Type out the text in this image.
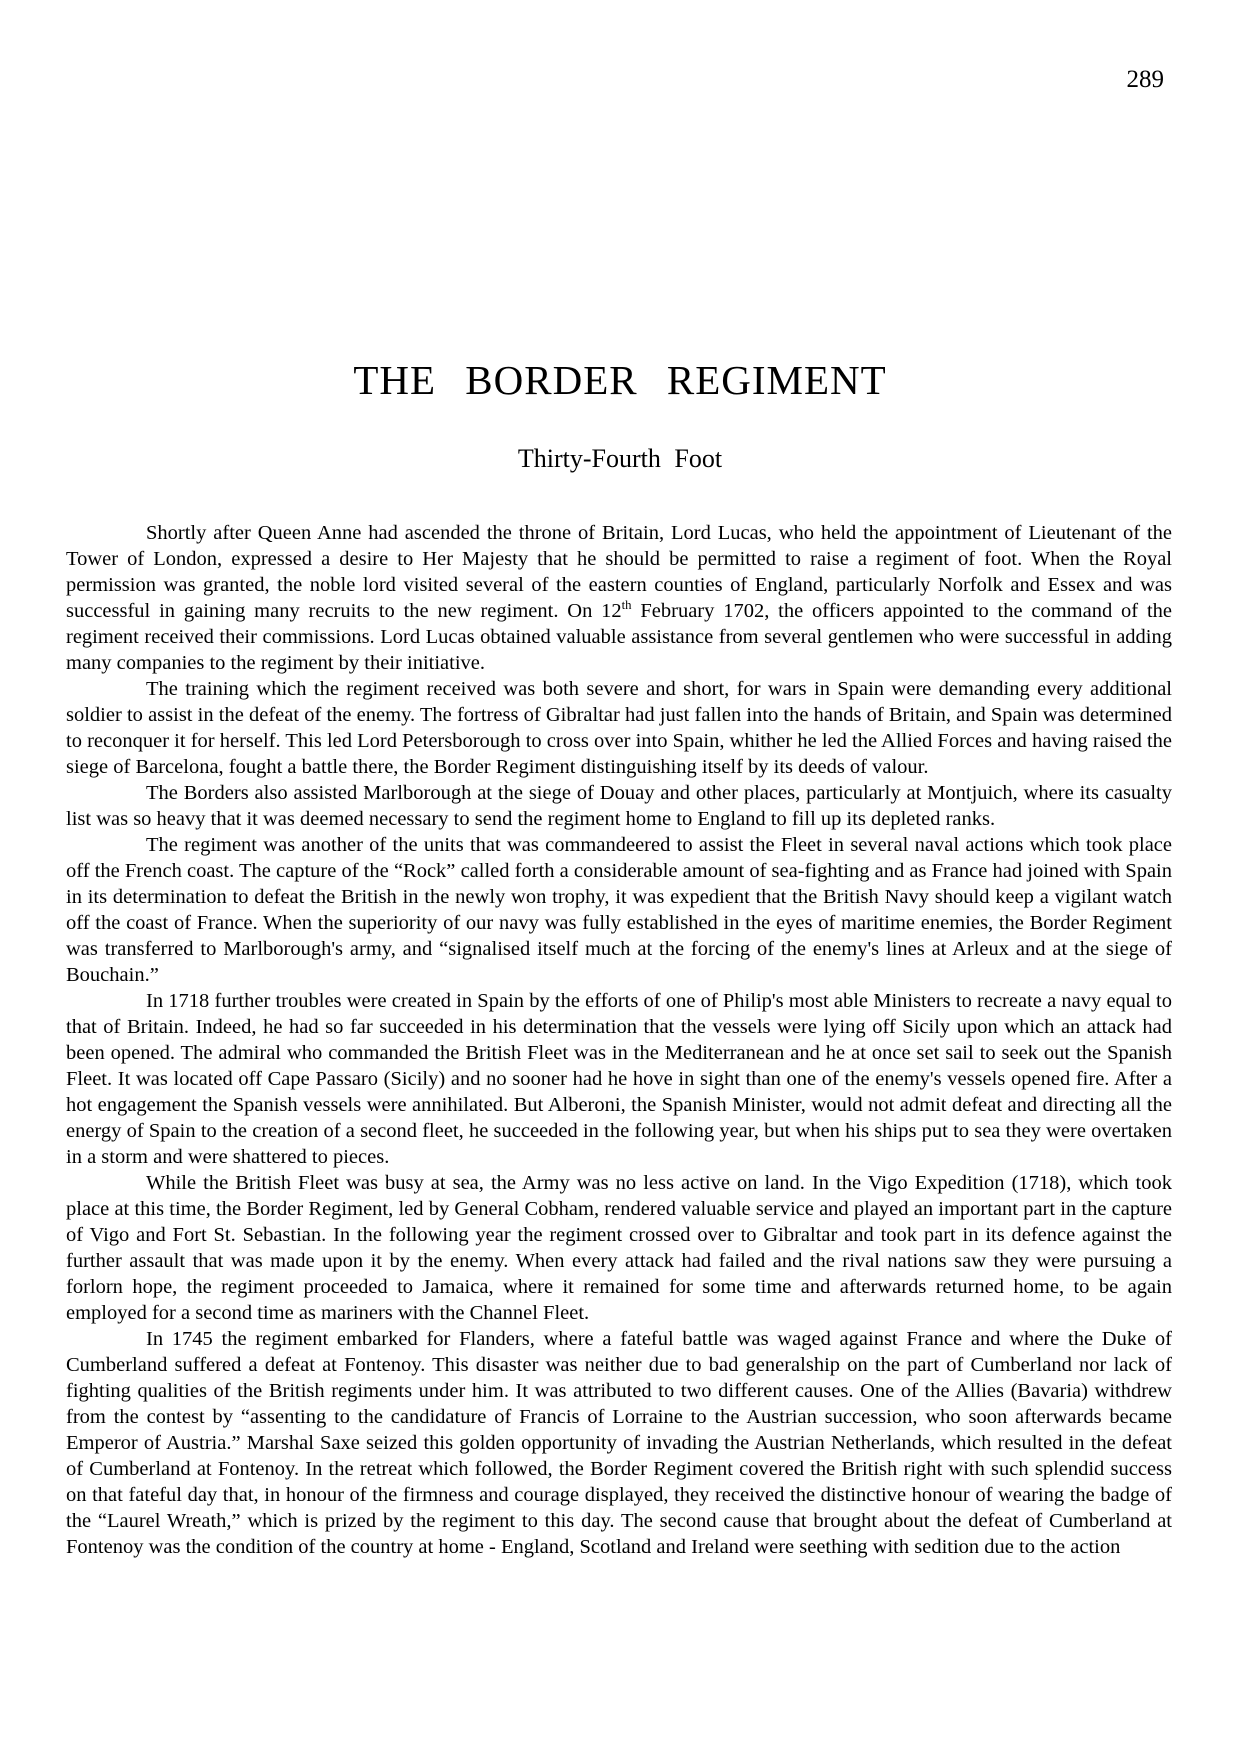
289
THE BORDER REGIMENT
Thirty-Fourth Foot

Shortly after Queen Anne had ascended the throne of Britain, Lord Lucas, who held the appointment of Lieutenant of the Tower of London, expressed a desire to Her Majesty that he should be permitted to raise a regiment of foot. When the Royal permission was granted, the noble lord visited several of the eastern counties of England, particularly Norfolk and Essex and was successful in gaining many recruits to the new regiment. On 12th February 1702, the officers appointed to the command of the regiment received their commissions. Lord Lucas obtained valuable assistance from several gentlemen who were successful in adding many companies to the regiment by their initiative.

The training which the regiment received was both severe and short, for wars in Spain were demanding every additional soldier to assist in the defeat of the enemy. The fortress of Gibraltar had just fallen into the hands of Britain, and Spain was determined to reconquer it for herself. This led Lord Petersborough to cross over into Spain, whither he led the Allied Forces and having raised the siege of Barcelona, fought a battle there, the Border Regiment distinguishing itself by its deeds of valour.

The Borders also assisted Marlborough at the siege of Douay and other places, particularly at Montjuich, where its casualty list was so heavy that it was deemed necessary to send the regiment home to England to fill up its depleted ranks.

The regiment was another of the units that was commandeered to assist the Fleet in several naval actions which took place off the French coast. The capture of the “Rock” called forth a considerable amount of sea-fighting and as France had joined with Spain in its determination to defeat the British in the newly won trophy, it was expedient that the British Navy should keep a vigilant watch off the coast of France. When the superiority of our navy was fully established in the eyes of maritime enemies, the Border Regiment was transferred to Marlborough's army, and “signalised itself much at the forcing of the enemy's lines at Arleux and at the siege of Bouchain.”

In 1718 further troubles were created in Spain by the efforts of one of Philip's most able Ministers to recreate a navy equal to that of Britain. Indeed, he had so far succeeded in his determination that the vessels were lying off Sicily upon which an attack had been opened. The admiral who commanded the British Fleet was in the Mediterranean and he at once set sail to seek out the Spanish Fleet. It was located off Cape Passaro (Sicily) and no sooner had he hove in sight than one of the enemy's vessels opened fire. After a hot engagement the Spanish vessels were annihilated. But Alberoni, the Spanish Minister, would not admit defeat and directing all the energy of Spain to the creation of a second fleet, he succeeded in the following year, but when his ships put to sea they were overtaken in a storm and were shattered to pieces.

While the British Fleet was busy at sea, the Army was no less active on land. In the Vigo Expedition (1718), which took place at this time, the Border Regiment, led by General Cobham, rendered valuable service and played an important part in the capture of Vigo and Fort St. Sebastian. In the following year the regiment crossed over to Gibraltar and took part in its defence against the further assault that was made upon it by the enemy. When every attack had failed and the rival nations saw they were pursuing a forlorn hope, the regiment proceeded to Jamaica, where it remained for some time and afterwards returned home, to be again employed for a second time as mariners with the Channel Fleet.

In 1745 the regiment embarked for Flanders, where a fateful battle was waged against France and where the Duke of Cumberland suffered a defeat at Fontenoy. This disaster was neither due to bad generalship on the part of Cumberland nor lack of fighting qualities of the British regiments under him. It was attributed to two different causes. One of the Allies (Bavaria) withdrew from the contest by “assenting to the candidature of Francis of Lorraine to the Austrian succession, who soon afterwards became Emperor of Austria.” Marshal Saxe seized this golden opportunity of invading the Austrian Netherlands, which resulted in the defeat of Cumberland at Fontenoy. In the retreat which followed, the Border Regiment covered the British right with such splendid success on that fateful day that, in honour of the firmness and courage displayed, they received the distinctive honour of wearing the badge of the “Laurel Wreath,” which is prized by the regiment to this day. The second cause that brought about the defeat of Cumberland at Fontenoy was the condition of the country at home - England, Scotland and Ireland were seething with sedition due to the action
